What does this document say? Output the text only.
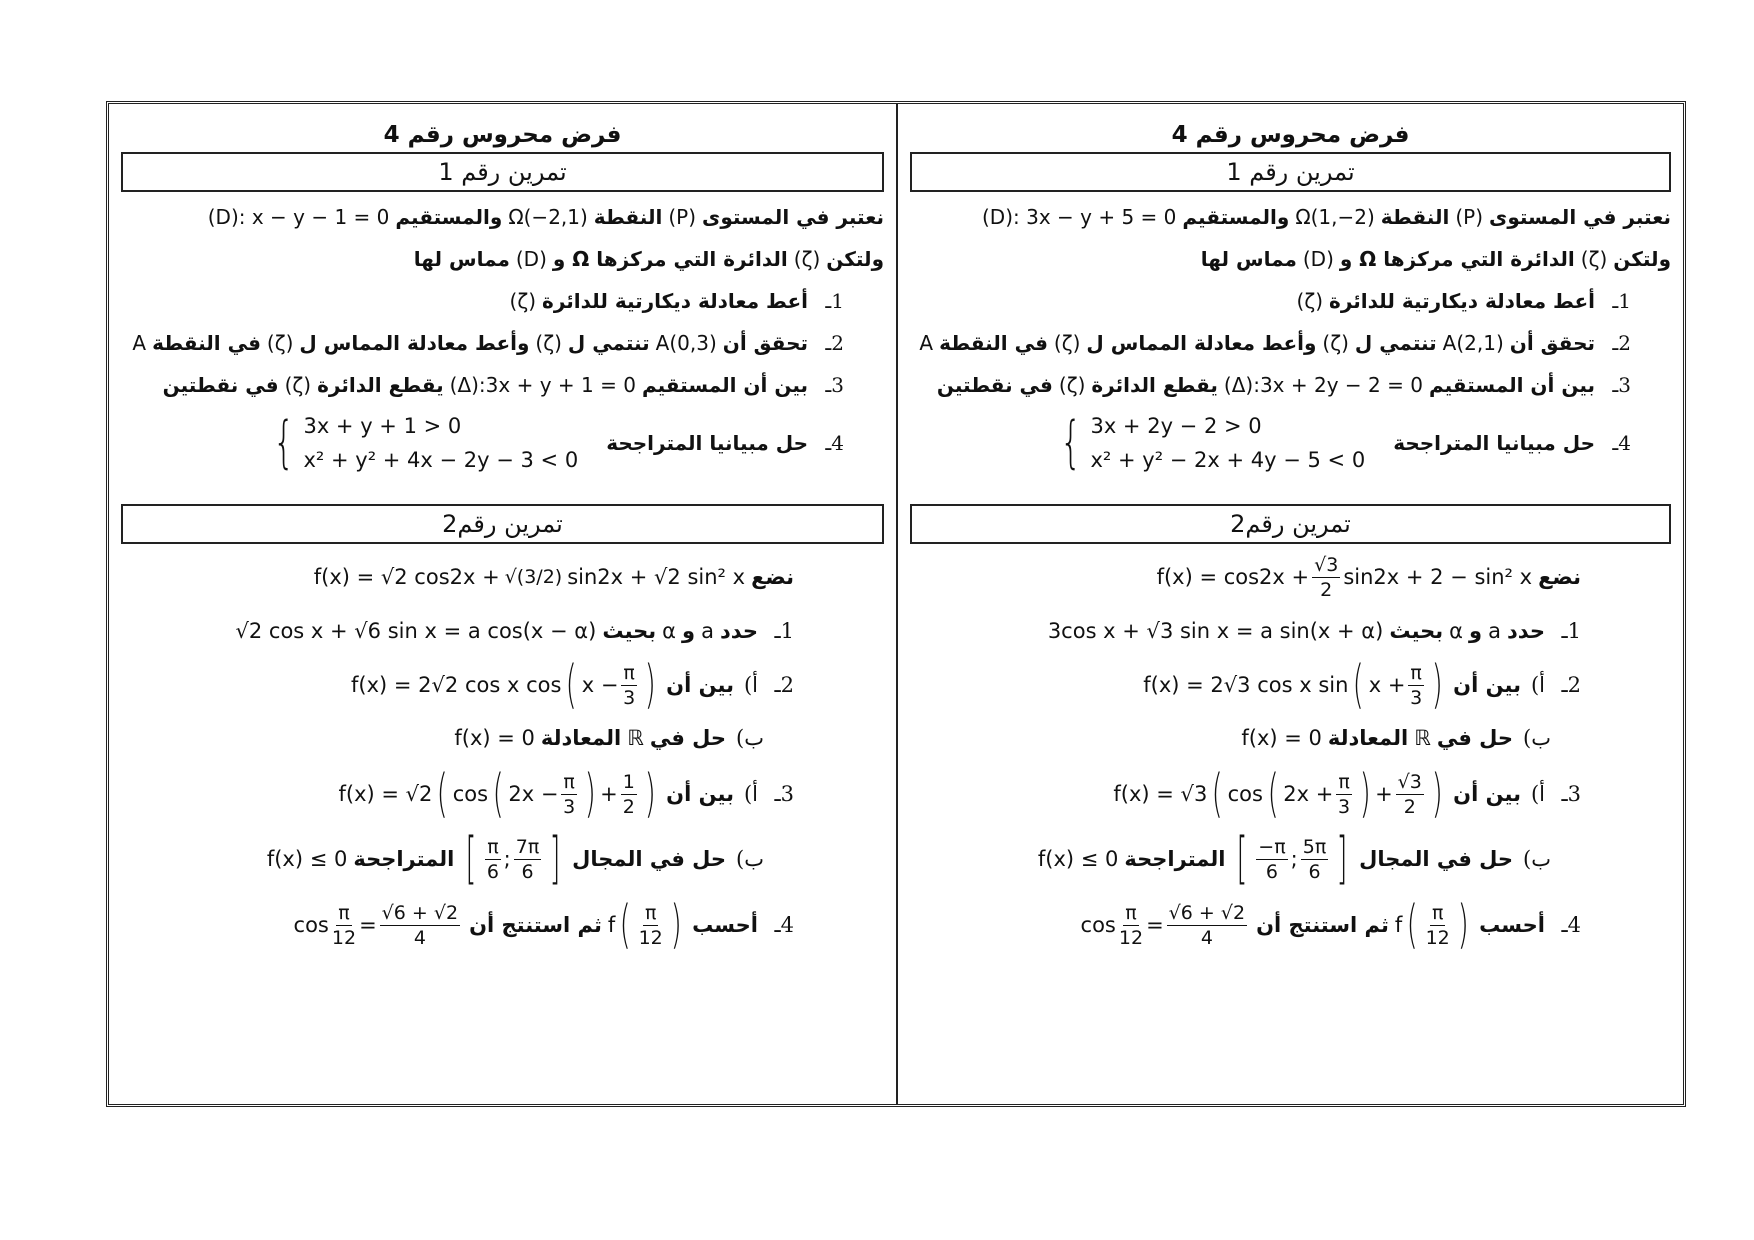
فرض محروس رقم 4
تمرين رقم 1
نعتبر في المستوى
(P)
النقطة
Ω(−2,1)
والمستقيم
(D): x − y − 1 = 0
ولتكن
(ζ)
الدائرة التي مركزها Ω و
(D)
مماس لها
1ـ
أعط معادلة ديكارتية للدائرة
(ζ)
2ـ
تحقق أن
A(0,3)
تنتمي ل
(ζ)
وأعط معادلة المماس ل
(ζ)
في النقطة
A
3ـ
بين أن المستقيم
(Δ):3x + y + 1 = 0
يقطع الدائرة
(ζ)
في نقطتين
4ـ
حل مبيانيا المتراجحة
{ 3x + y + 1 > 0
x² + y² + 4x − 2y − 3 < 0
تمرين رقم2
نضع
f(x) = √2 cos2x + √(3/2) sin2x + √2 sin² x
1ـ
حدد
a
و
α
بحيث
√2 cos x + √6 sin x = a cos(x − α)
2ـ
أ)
بين أن
f(x) = 2√2 cos x cos ( $x - \frac{\pi}{3}$ )
ب)
حل في
ℝ
المعادلة
f(x) = 0
3ـ
أ)
بين أن
f(x) = √2 ( cos ( $2x - \frac{\pi}{3}$ ) + $\frac{1}{2}$ )
ب)
حل في المجال
[ $\frac{\pi}{6}$ ; $\frac{7\pi}{6}$ ]
المتراجحة
f(x) ≤ 0
4ـ
أحسب
f ( $\frac{\pi}{12}$ )
ثم استنتج أن
$\cos \frac{\pi}{12} = \frac{√6 + √2}{4}$
فرض محروس رقم 4
تمرين رقم 1
نعتبر في المستوى
(P)
النقطة
Ω(1,−2)
والمستقيم
(D): 3x − y + 5 = 0
ولتكن
(ζ)
الدائرة التي مركزها Ω و
(D)
مماس لها
1ـ
أعط معادلة ديكارتية للدائرة
(ζ)
2ـ
تحقق أن
A(2,1)
تنتمي ل
(ζ)
وأعط معادلة المماس ل
(ζ)
في النقطة
A
3ـ
بين أن المستقيم
(Δ):3x + 2y − 2 = 0
يقطع الدائرة
(ζ)
في نقطتين
4ـ
حل مبيانيا المتراجحة
{ 3x + 2y − 2 > 0
x² + y² − 2x + 4y − 5 < 0
تمرين رقم2
نضع
$f(x) = \cos 2x + \frac{√3}{2} \sin 2x + 2 - \sin^2$ x
1ـ
حدد
a
و
α
بحيث
3cos x + √3 sin x = a sin(x + α)
2ـ
أ)
بين أن
f(x) = 2√3 cos x sin ( $x + \frac{\pi}{3}$ )
ب)
حل في
ℝ
المعادلة
f(x) = 0
3ـ
أ)
بين أن
f(x) = √3 ( cos ( $2x + \frac{\pi}{3}$ ) + $\frac{√3}{2}$ )
ب)
حل في المجال
[ $\frac{-\pi}{6}$ ; $\frac{5\pi}{6}$ ]
المتراجحة
f(x) ≤ 0
4ـ
أحسب
f ( $\frac{\pi}{12}$ )
ثم استنتج أن
$\cos \frac{\pi}{12} = \frac{√6 + √2}{4}$
